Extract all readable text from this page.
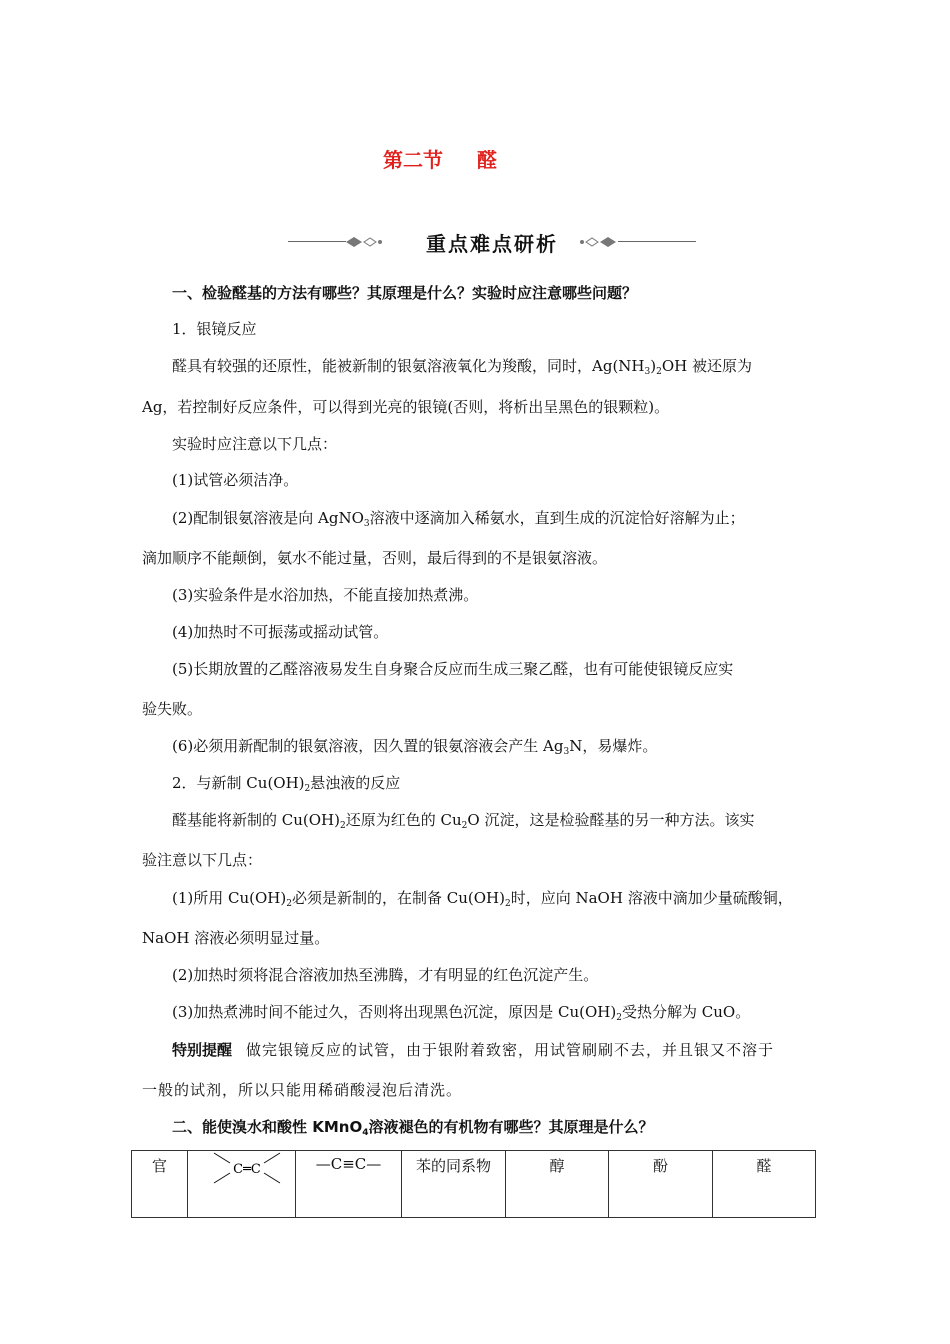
第二节 醛
重点难点研析
一、检验醛基的方法有哪些？其原理是什么？实验时应注意哪些问题？
1．银镜反应
醛具有较强的还原性，能被新制的银氨溶液氧化为羧酸，同时，$Ag(NH_3)_2OH$ 被还原为
Ag，若控制好反应条件，可以得到光亮的银镜(否则，将析出呈黑色的银颗粒)。
实验时应注意以下几点：
(1)试管必须洁净。
(2)配制银氨溶液是向 AgNO$_3$溶液中逐滴加入稀氨水，直到生成的沉淀恰好溶解为止；
滴加顺序不能颠倒，氨水不能过量，否则，最后得到的不是银氨溶液。
(3)实验条件是水浴加热，不能直接加热煮沸。
(4)加热时不可振荡或摇动试管。
(5)长期放置的乙醛溶液易发生自身聚合反应而生成三聚乙醛，也有可能使银镜反应实
验失败。
(6)必须用新配制的银氨溶液，因久置的银氨溶液会产生 $Ag_3N$，易爆炸。
2．与新制 $Cu(OH)_2$悬浊液的反应
醛基能将新制的 $Cu(OH)_2$还原为红色的 $Cu_2O$ 沉淀，这是检验醛基的另一种方法。该实
验注意以下几点：
(1)所用 $Cu(OH)_2$必须是新制的，在制备 $Cu(OH)_2$时，应向 NaOH 溶液中滴加少量硫酸铜，
NaOH 溶液必须明显过量。
(2)加热时须将混合溶液加热至沸腾，才有明显的红色沉淀产生。
(3)加热煮沸时间不能过久，否则将出现黑色沉淀，原因是 $Cu(OH)_2$受热分解为 CuO。
特别提醒 做完银镜反应的试管，由于银附着致密，用试管刷刷不去，并且银又不溶于
一般的试剂，所以只能用稀硝酸浸泡后清洗。
二、能使溴水和酸性 KMnO$_4$溶液褪色的有机物有哪些？其原理是什么？
官	C═C	—C≡C—	苯的同系物	醇	酚	醛
